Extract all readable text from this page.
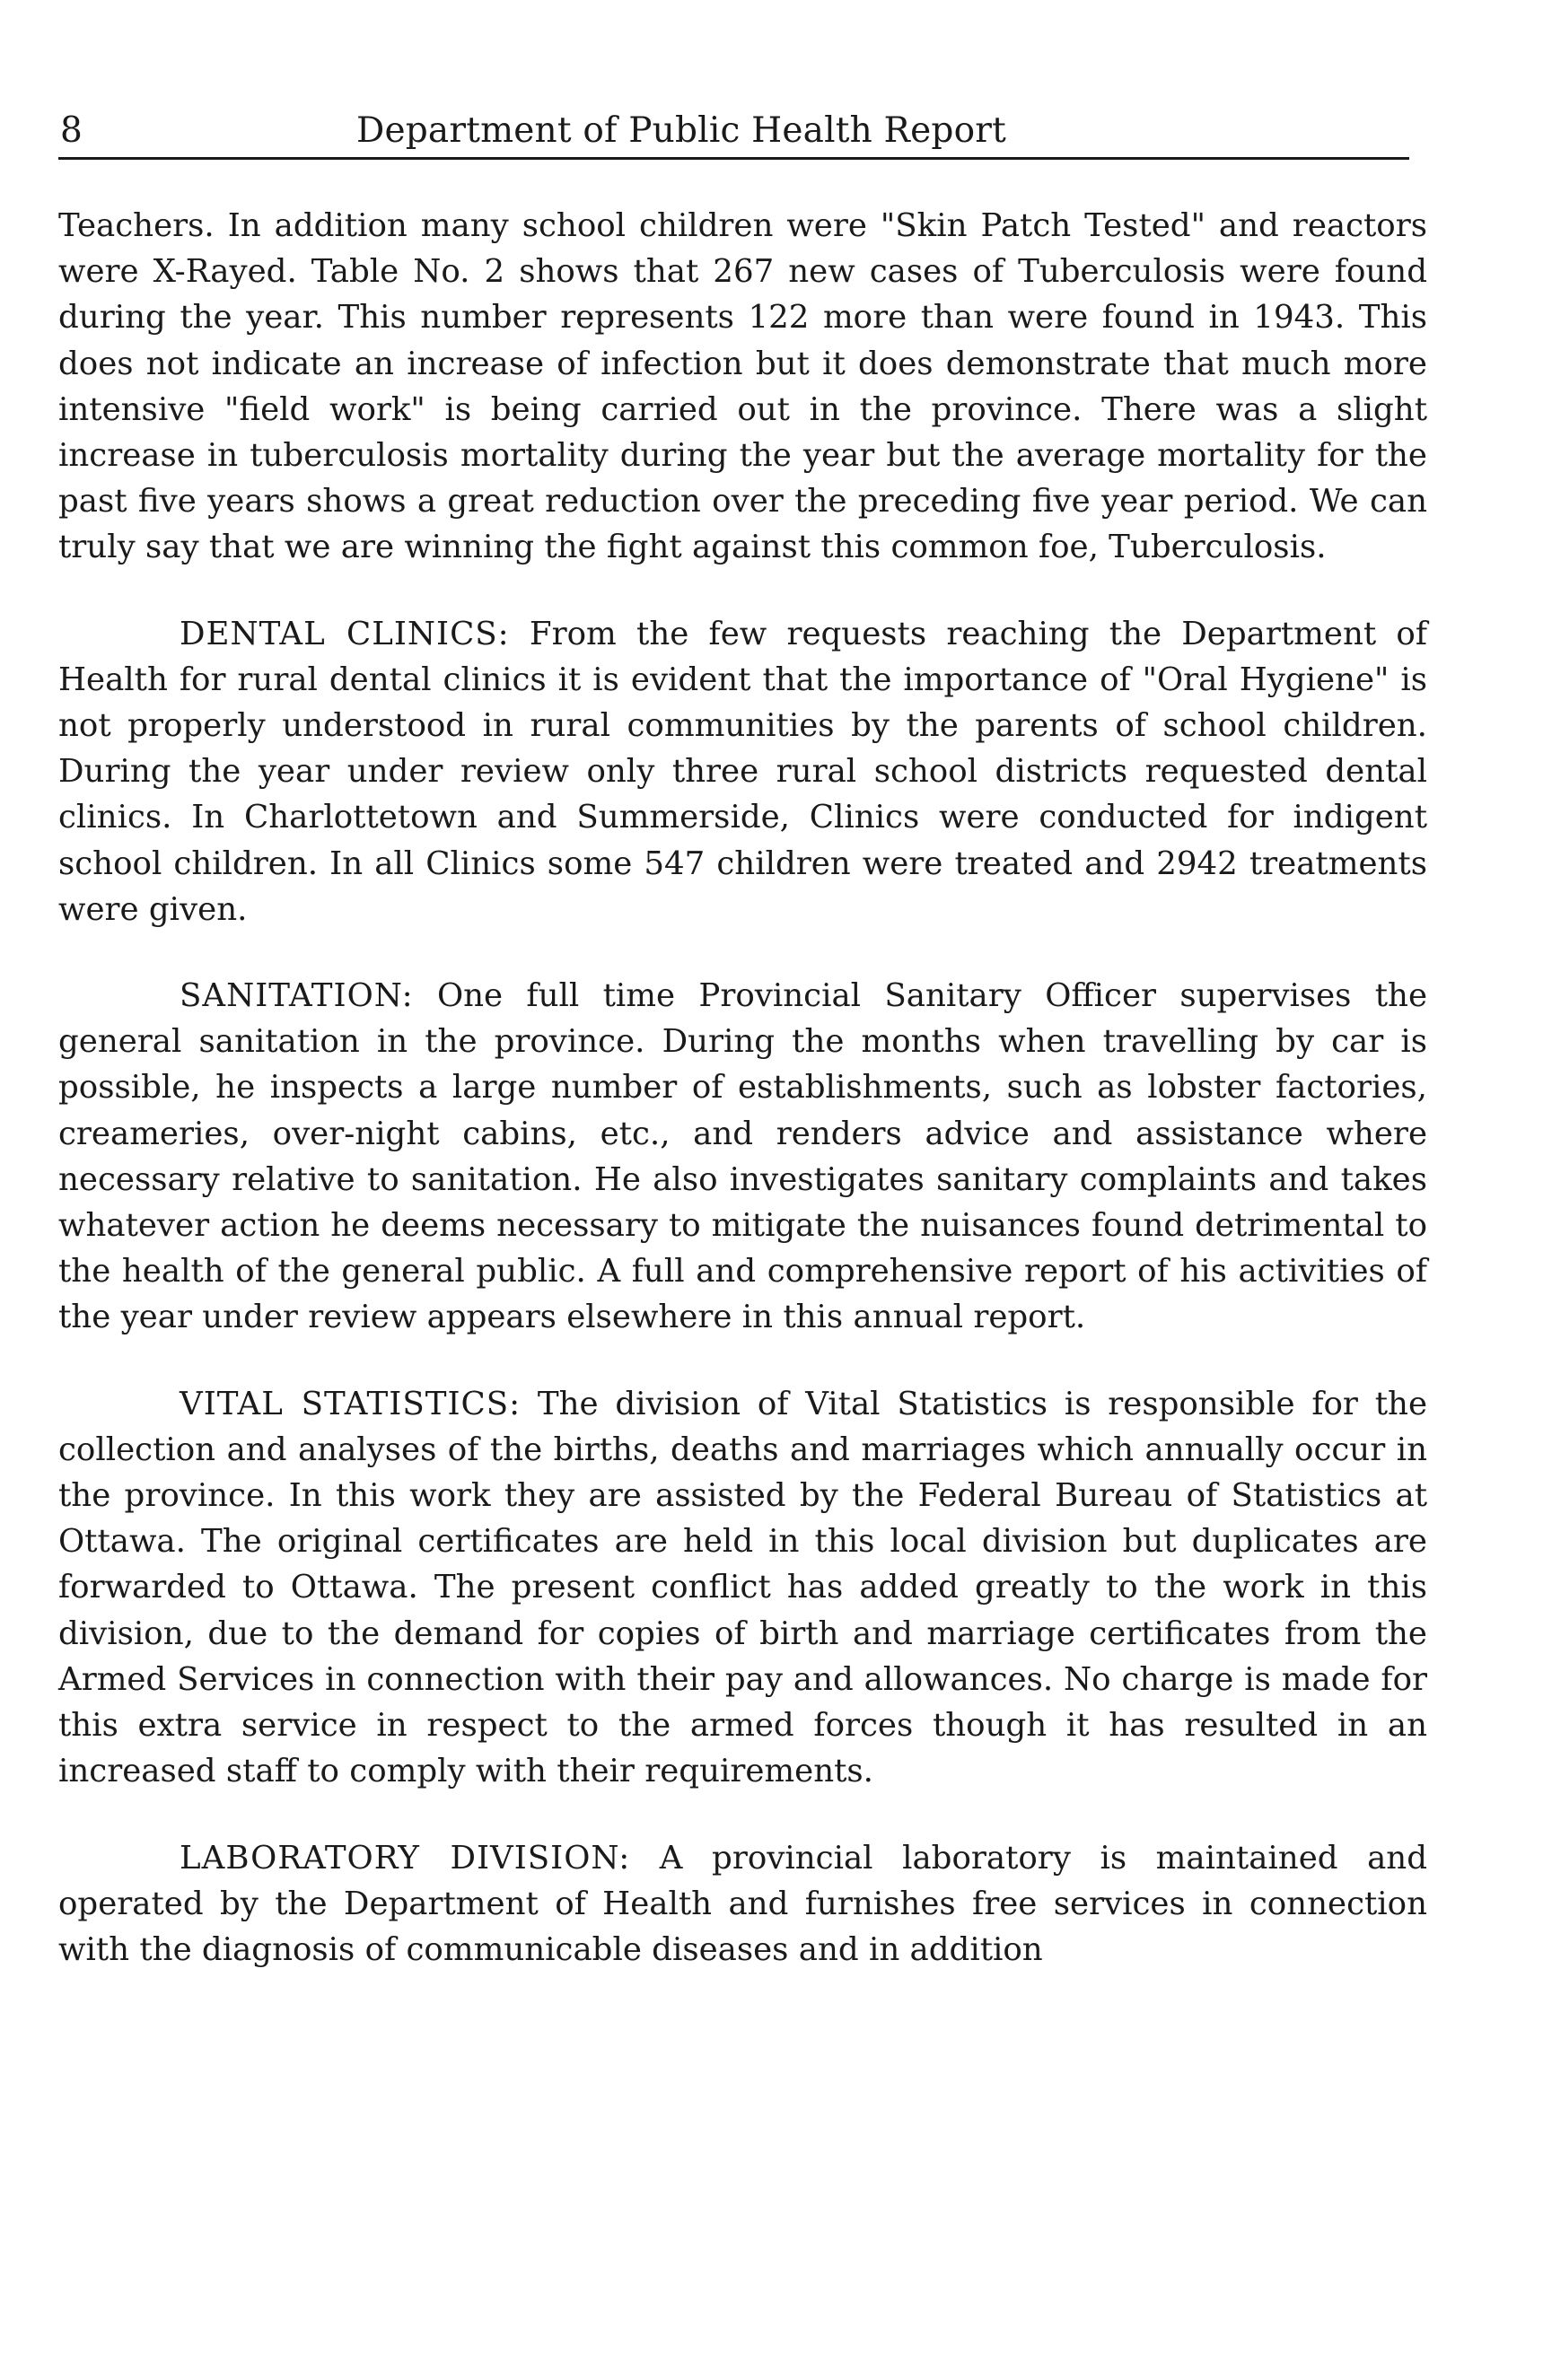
8	Department of Public Health Report

Teachers. In addition many school children were "Skin Patch Tested" and reactors were X-Rayed. Table No. 2 shows that 267 new cases of Tuberculosis were found during the year. This number represents 122 more than were found in 1943. This does not indicate an increase of infection but it does demonstrate that much more intensive "field work" is being carried out in the province. There was a slight increase in tuberculosis mortality during the year but the average mortality for the past five years shows a great reduction over the preceding five year period. We can truly say that we are winning the fight against this common foe, Tuberculosis.

DENTAL CLINICS: From the few requests reaching the Department of Health for rural dental clinics it is evident that the importance of "Oral Hygiene" is not properly understood in rural communities by the parents of school children. During the year under review only three rural school districts requested dental clinics. In Charlottetown and Summerside, Clinics were conducted for indigent school children. In all Clinics some 547 children were treated and 2942 treatments were given.

SANITATION: One full time Provincial Sanitary Officer supervises the general sanitation in the province. During the months when travelling by car is possible, he inspects a large number of establishments, such as lobster factories, creameries, over-night cabins, etc., and renders advice and assistance where necessary relative to sanitation. He also investigates sanitary complaints and takes whatever action he deems necessary to mitigate the nuisances found detrimental to the health of the general public. A full and comprehensive report of his activities of the year under review appears elsewhere in this annual report.

VITAL STATISTICS: The division of Vital Statistics is responsible for the collection and analyses of the births, deaths and marriages which annually occur in the province. In this work they are assisted by the Federal Bureau of Statistics at Ottawa. The original certificates are held in this local division but duplicates are forwarded to Ottawa. The present conflict has added greatly to the work in this division, due to the demand for copies of birth and marriage certificates from the Armed Services in connection with their pay and allowances. No charge is made for this extra service in respect to the armed forces though it has resulted in an increased staff to comply with their requirements.

LABORATORY DIVISION: A provincial laboratory is maintained and operated by the Department of Health and furnishes free services in connection with the diagnosis of communicable diseases and in addition
